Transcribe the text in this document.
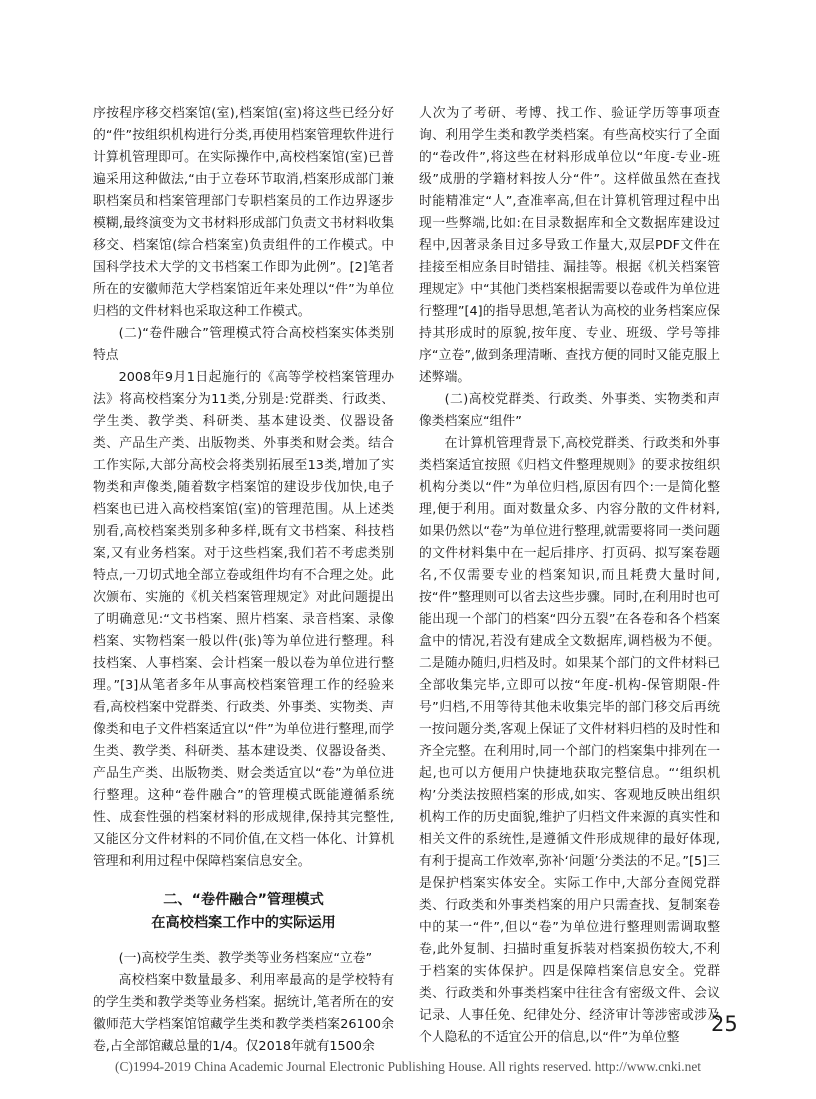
序按程序移交档案馆(室),档案馆(室)将这些已经分好的“件”按组织机构进行分类,再使用档案管理软件进行计算机管理即可。在实际操作中,高校档案馆(室)已普遍采用这种做法,“由于立卷环节取消,档案形成部门兼职档案员和档案管理部门专职档案员的工作边界逐步模糊,最终演变为文书材料形成部门负责文书材料收集移交、档案馆(综合档案室)负责组件的工作模式。中国科学技术大学的文书档案工作即为此例”。[2]笔者所在的安徽师范大学档案馆近年来处理以“件”为单位归档的文件材料也采取这种工作模式。

(二)“卷件融合”管理模式符合高校档案实体类别特点

2008年9月1日起施行的《高等学校档案管理办法》将高校档案分为11类,分别是:党群类、行政类、学生类、教学类、科研类、基本建设类、仪器设备类、产品生产类、出版物类、外事类和财会类。结合工作实际,大部分高校会将类别拓展至13类,增加了实物类和声像类,随着数字档案馆的建设步伐加快,电子档案也已进入高校档案馆(室)的管理范围。从上述类别看,高校档案类别多种多样,既有文书档案、科技档案,又有业务档案。对于这些档案,我们若不考虑类别特点,一刀切式地全部立卷或组件均有不合理之处。此次颁布、实施的《机关档案管理规定》对此问题提出了明确意见:“文书档案、照片档案、录音档案、录像档案、实物档案一般以件(张)等为单位进行整理。科技档案、人事档案、会计档案一般以卷为单位进行整理。”[3]从笔者多年从事高校档案管理工作的经验来看,高校档案中党群类、行政类、外事类、实物类、声像类和电子文件档案适宜以“件”为单位进行整理,而学生类、教学类、科研类、基本建设类、仪器设备类、产品生产类、出版物类、财会类适宜以“卷”为单位进行整理。这种“卷件融合”的管理模式既能遵循系统性、成套性强的档案材料的形成规律,保持其完整性,又能区分文件材料的不同价值,在文档一体化、计算机管理和利用过程中保障档案信息安全。

二、“卷件融合”管理模式
在高校档案工作中的实际运用

(一)高校学生类、教学类等业务档案应“立卷”

高校档案中数量最多、利用率最高的是学校特有的学生类和教学类等业务档案。据统计,笔者所在的安徽师范大学档案馆馆藏学生类和教学类档案26100余卷,占全部馆藏总量的1/4。仅2018年就有1500余

人次为了考研、考博、找工作、验证学历等事项查询、利用学生类和教学类档案。有些高校实行了全面的“卷改件”,将这些在材料形成单位以“年度-专业-班级”成册的学籍材料按人分“件”。这样做虽然在查找时能精准定“人”,查准率高,但在计算机管理过程中出现一些弊端,比如:在目录数据库和全文数据库建设过程中,因著录条目过多导致工作量大,双层PDF文件在挂接至相应条目时错挂、漏挂等。根据《机关档案管理规定》中“其他门类档案根据需要以卷或件为单位进行整理”[4]的指导思想,笔者认为高校的业务档案应保持其形成时的原貌,按年度、专业、班级、学号等排序“立卷”,做到条理清晰、查找方便的同时又能克服上述弊端。

(二)高校党群类、行政类、外事类、实物类和声像类档案应“组件”

在计算机管理背景下,高校党群类、行政类和外事类档案适宜按照《归档文件整理规则》的要求按组织机构分类以“件”为单位归档,原因有四个:一是简化整理,便于利用。面对数量众多、内容分散的文件材料,如果仍然以“卷”为单位进行整理,就需要将同一类问题的文件材料集中在一起后排序、打页码、拟写案卷题名,不仅需要专业的档案知识,而且耗费大量时间,按“件”整理则可以省去这些步骤。同时,在利用时也可能出现一个部门的档案“四分五裂”在各卷和各个档案盒中的情况,若没有建成全文数据库,调档极为不便。二是随办随归,归档及时。如果某个部门的文件材料已全部收集完毕,立即可以按“年度-机构-保管期限-件号”归档,不用等待其他未收集完毕的部门移交后再统一按问题分类,客观上保证了文件材料归档的及时性和齐全完整。在利用时,同一个部门的档案集中排列在一起,也可以方便用户快捷地获取完整信息。“‘组织机构’分类法按照档案的形成,如实、客观地反映出组织机构工作的历史面貌,维护了归档文件来源的真实性和相关文件的系统性,是遵循文件形成规律的最好体现,有利于提高工作效率,弥补‘问题’分类法的不足。”[5]三是保护档案实体安全。实际工作中,大部分查阅党群类、行政类和外事类档案的用户只需查找、复制案卷中的某一“件”,但以“卷”为单位进行整理则需调取整卷,此外复制、扫描时重复拆装对档案损伤较大,不利于档案的实体保护。四是保障档案信息安全。党群类、行政类和外事类档案中往往含有密级文件、会议记录、人事任免、纪律处分、经济审计等涉密或涉及个人隐私的不适宜公开的信息,以“件”为单位整

25
(C)1994-2019 China Academic Journal Electronic Publishing House. All rights reserved. http://www.cnki.net
